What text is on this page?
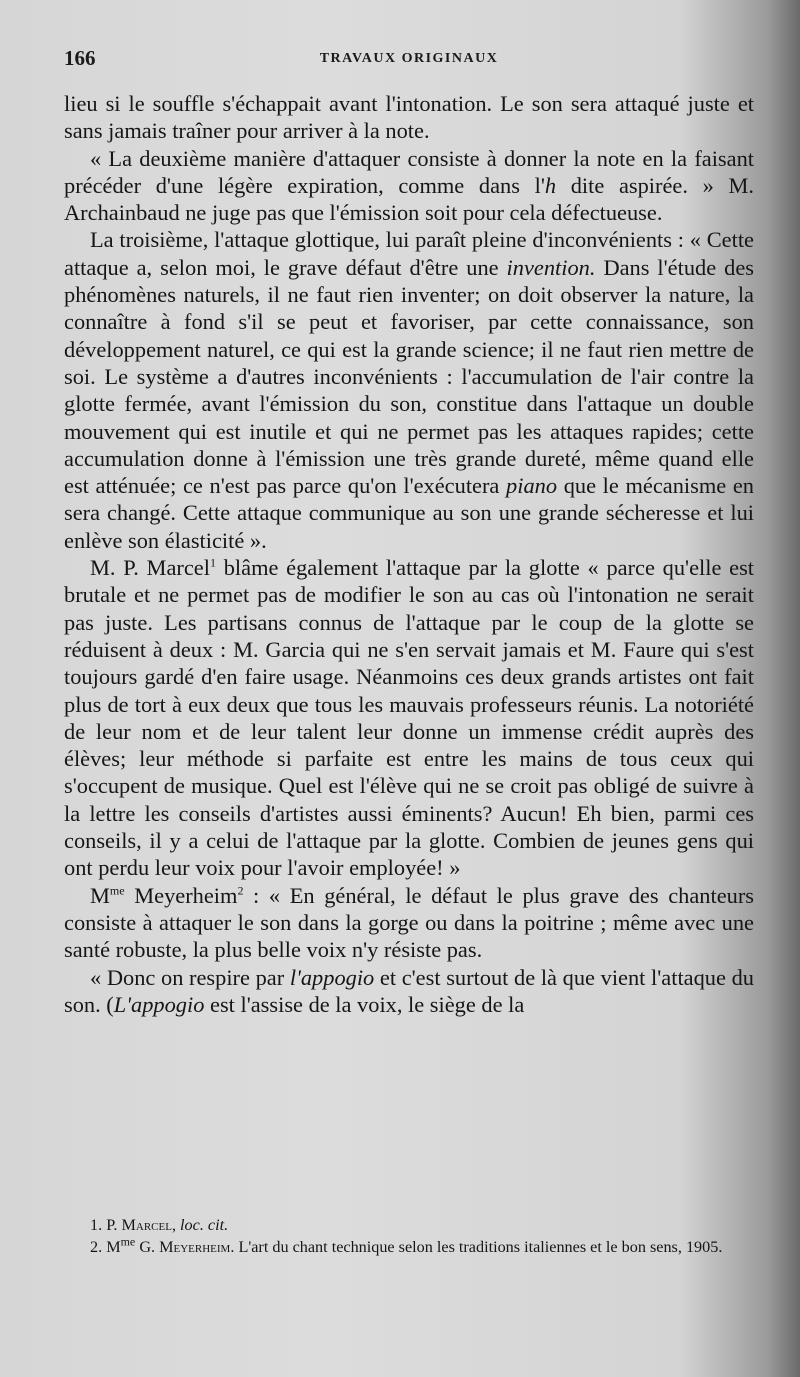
166	TRAVAUX ORIGINAUX

lieu si le souffle s'échappait avant l'intonation. Le son sera attaqué juste et sans jamais traîner pour arriver à la note.

« La deuxième manière d'attaquer consiste à donner la note en la faisant précéder d'une légère expiration, comme dans l'h dite aspirée. » M. Archainbaud ne juge pas que l'émission soit pour cela défectueuse.

La troisième, l'attaque glottique, lui paraît pleine d'inconvénients : « Cette attaque a, selon moi, le grave défaut d'être une invention. Dans l'étude des phénomènes naturels, il ne faut rien inventer; on doit observer la nature, la connaître à fond s'il se peut et favoriser, par cette connaissance, son développement naturel, ce qui est la grande science; il ne faut rien mettre de soi. Le système a d'autres inconvénients : l'accumulation de l'air contre la glotte fermée, avant l'émission du son, constitue dans l'attaque un double mouvement qui est inutile et qui ne permet pas les attaques rapides; cette accumulation donne à l'émission une très grande dureté, même quand elle est atténuée; ce n'est pas parce qu'on l'exécutera piano que le mécanisme en sera changé. Cette attaque communique au son une grande sécheresse et lui enlève son élasticité ».

M. P. Marcel$^1$ blâme également l'attaque par la glotte « parce qu'elle est brutale et ne permet pas de modifier le son au cas où l'intonation ne serait pas juste. Les partisans connus de l'attaque par le coup de la glotte se réduisent à deux : M. Garcia qui ne s'en servait jamais et M. Faure qui s'est toujours gardé d'en faire usage. Néanmoins ces deux grands artistes ont fait plus de tort à eux deux que tous les mauvais professeurs réunis. La notoriété de leur nom et de leur talent leur donne un immense crédit auprès des élèves; leur méthode si parfaite est entre les mains de tous ceux qui s'occupent de musique. Quel est l'élève qui ne se croit pas obligé de suivre à la lettre les conseils d'artistes aussi éminents? Aucun! Eh bien, parmi ces conseils, il y a celui de l'attaque par la glotte. Combien de jeunes gens qui ont perdu leur voix pour l'avoir employée! »

$M^{me}$ Meyerheim$^2$ : « En général, le défaut le plus grave des chanteurs consiste à attaquer le son dans la gorge ou dans la poitrine ; même avec une santé robuste, la plus belle voix n'y résiste pas.

« Donc on respire par l'appogio et c'est surtout de là que vient l'attaque du son. (L'appogio est l'assise de la voix, le siège de la

1. P. Marcel, loc. cit.

2. $M^{me}$ G. Meyerheim. L'art du chant technique selon les traditions italiennes et le bon sens, 1905.
